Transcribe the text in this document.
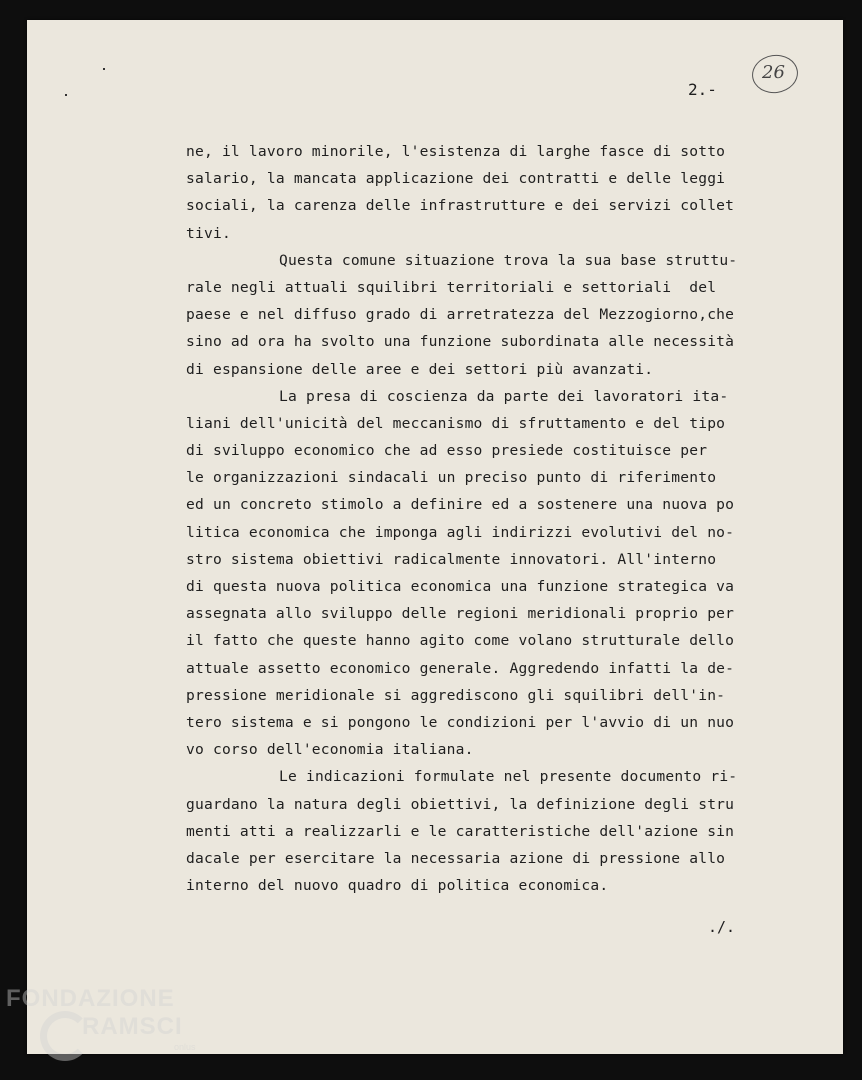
2.-
26
ne, il lavoro minorile, l'esistenza di larghe fasce di sotto
salario, la mancata applicazione dei contratti e delle leggi
sociali, la carenza delle infrastrutture e dei servizi collet
tivi.
Questa comune situazione trova la sua base struttu-
rale negli attuali squilibri territoriali e settoriali  del
paese e nel diffuso grado di arretratezza del Mezzogiorno,che
sino ad ora ha svolto una funzione subordinata alle necessità
di espansione delle aree e dei settori più avanzati.
La presa di coscienza da parte dei lavoratori ita-
liani dell'unicità del meccanismo di sfruttamento e del tipo
di sviluppo economico che ad esso presiede costituisce per
le organizzazioni sindacali un preciso punto di riferimento
ed un concreto stimolo a definire ed a sostenere una nuova po
litica economica che imponga agli indirizzi evolutivi del no-
stro sistema obiettivi radicalmente innovatori. All'interno
di questa nuova politica economica una funzione strategica va
assegnata allo sviluppo delle regioni meridionali proprio per
il fatto che queste hanno agito come volano strutturale dello
attuale assetto economico generale. Aggredendo infatti la de-
pressione meridionale si aggrediscono gli squilibri dell'in-
tero sistema e si pongono le condizioni per l'avvio di un nuo
vo corso dell'economia italiana.
Le indicazioni formulate nel presente documento ri-
guardano la natura degli obiettivi, la definizione degli stru
menti atti a realizzarli e le caratteristiche dell'azione sin
dacale per esercitare la necessaria azione di pressione allo
interno del nuovo quadro di politica economica.
./.
FONDAZIONE
RAMSCI
onlus
